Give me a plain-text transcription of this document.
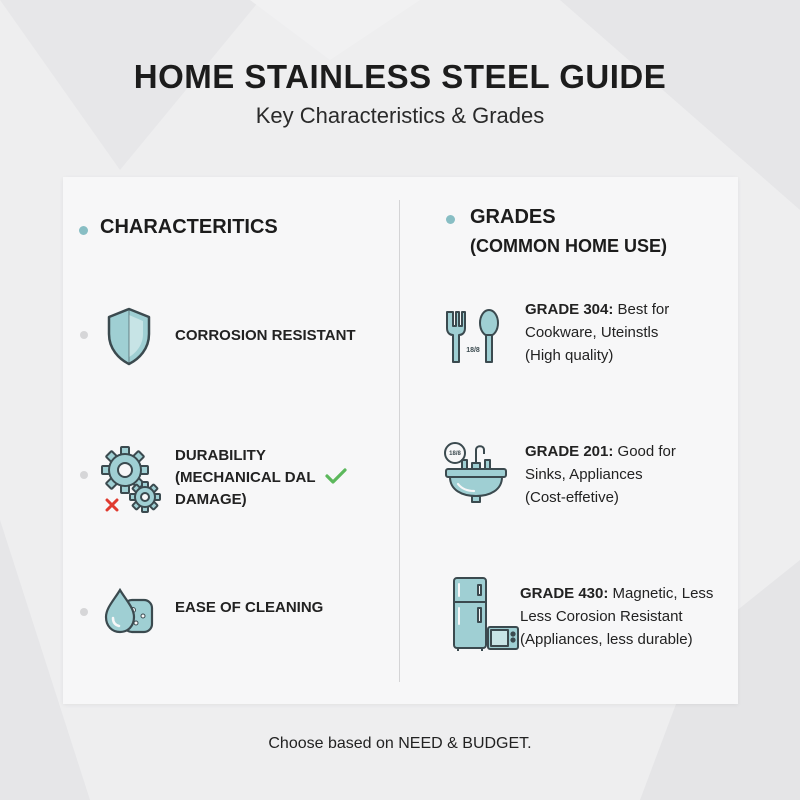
HOME STAINLESS STEEL GUIDE
Key Characteristics & Grades
CHARACTERITICS
CORROSION RESISTANT
DURABILITY
(MECHANICAL DAL
DAMAGE)
EASE OF CLEANING
GRADES
(COMMON HOME USE)
18/8
GRADE 304: Best for
Cookware, Uteinstls
(High quality)
18/8	GRADE 201: Good for
Sinks, Appliances
(Cost-effetive)
GRADE 430: Magnetic, Less
Less Corosion Resistant
(Appliances, less durable)
Choose based on NEED & BUDGET.
